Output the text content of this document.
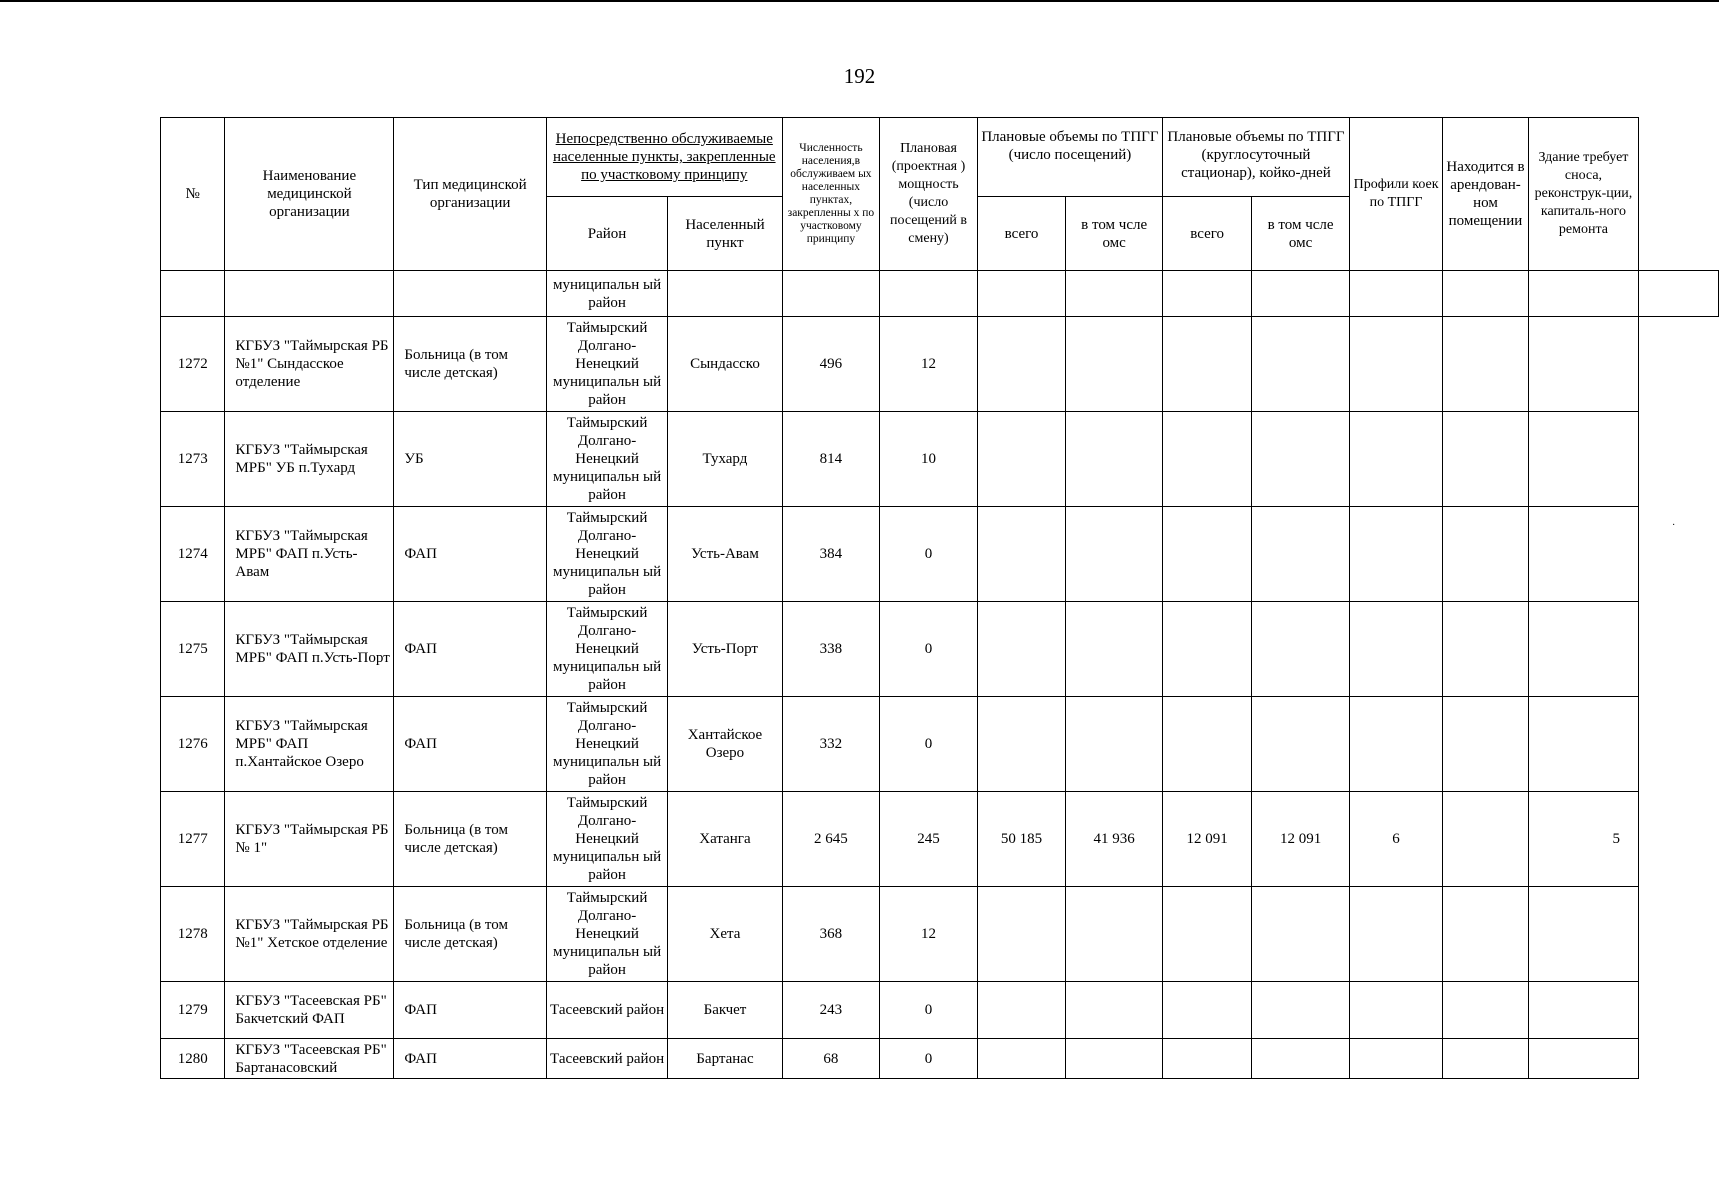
192
№	Наименование медицинской организации	Тип медицинской организации	Непосредственно обслуживаемые населенные пункты, закрепленные по участковому принципу		Численность населения,в обслуживаем ых населенных пунктах, закрепленны х по участковому принципу	Плановая (проектная ) мощность (число посещений в смену)	Плановые объемы по ТПГГ (число посещений)		Плановые объемы по ТПГГ (круглосуточный стационар), койко-дней		Профили коек по ТПГГ	Находится в арендован-ном помещении	Здание требует сноса, реконструк-ции, капиталь-ного ремонта	
			Район	Населенный пункт			всего	в том чсле омс	всего	в том чсле омс				
			муниципальн ый район											
1272	КГБУЗ "Таймырская РБ №1" Сындасское отделение	Больница (в том числе детская)	Таймырский Долгано-Ненецкий муниципальн ый район	Сындасско	496	12								
1273	КГБУЗ "Таймырская МРБ" УБ п.Тухард	УБ	Таймырский Долгано-Ненецкий муниципальн ый район	Тухард	814	10								
1274	КГБУЗ "Таймырская МРБ" ФАП п.Усть-Авам	ФАП	Таймырский Долгано-Ненецкий муниципальн ый район	Усть-Авам	384	0								
1275	КГБУЗ "Таймырская МРБ" ФАП п.Усть-Порт	ФАП	Таймырский Долгано-Ненецкий муниципальн ый район	Усть-Порт	338	0								
1276	КГБУЗ "Таймырская МРБ" ФАП п.Хантайское Озеро	ФАП	Таймырский Долгано-Ненецкий муниципальн ый район	Хантайское Озеро	332	0								
1277	КГБУЗ "Таймырская РБ № 1"	Больница (в том числе детская)	Таймырский Долгано-Ненецкий муниципальн ый район	Хатанга	2 645	245	50 185	41 936	12 091	12 091	6		5	
1278	КГБУЗ "Таймырская РБ №1" Хетское отделение	Больница (в том числе детская)	Таймырский Долгано-Ненецкий муниципальн ый район	Хета	368	12								
1279	КГБУЗ "Тасеевская РБ" Бакчетский ФАП	ФАП	Тасеевский район	Бакчет	243	0								
1280	КГБУЗ "Тасеевская РБ" Бартанасовский	ФАП	Тасеевский район	Бартанас	68	0								
·
